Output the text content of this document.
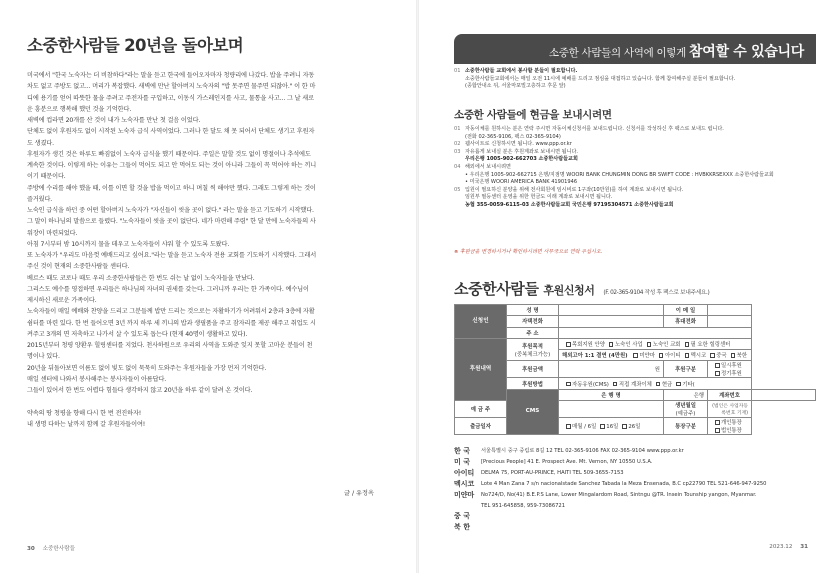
소중한사람들 20년을 돌아보며

미국에서 "한국 노숙자는 더 비참하다"라는 말을 듣고 한국에 들어오자마자 청량리에 나갔다. 밥을 주려니 자동

차도 없고 주방도 없고... 머리가 복잡했다. 새벽에 만난 할아버지 노숙자의 "밥 못주면 물주면 되잖아." 이 한 마

디에 용기를 얻어 따뜻한 물을 주려고 주전자를 구입하고, 이동식 가스레인지를 사고, 물통을 사고... 그 날 새로

운 흥분으로 행복해 했던 것을 기억한다.

새벽에 컵라면 20개를 산 것이 내가 노숙자를 만난 첫 걸음 이었다.

단체도 없이 후원자도 없이 시작된 노숙자 급식 사역이었다. 그러나 한 달도 채 못 되어서 단체도 생기고 후원자

도 생겼다.

후원자가 생긴 것은 하루도 빠짐없이 노숙자 급식을 했기 때문이다. 주일은 말할 것도 없이 명절이나 추석에도

계속한 것이다. 이렇게 하는 이유는 그들이 먹어도 되고 안 먹어도 되는 것이 아니라 그들이 꼭 먹어야 하는 끼니

이기 때문이다.

주방에 수리를 해야 했을 때, 이틀 이면 할 것을 밥을 먹이고 하니 며칠 씩 해야만 했다. 그래도 그렇게 하는 것이

즐거웠다.

노숙인 급식을 하던 중 어떤 할아버지 노숙자가 "자신들이 씻을 곳이 없다." 라는 말을 듣고 기도하기 시작했다.

그 말이 하나님의 말씀으로 들렸다. "노숙자들이 씻을 곳이 없단다. 네가 마련해 주렴" 한 달 만에 노숙자들의 사

워장이 마련되었다.

아침 7시부터 밤 10시까지 물을 데우고 노숙자들이 샤워 할 수 있도록 도왔다.

또 노숙자가 "우리도 마음껏 예배드리고 싶어요."라는 말을 듣고 노숙자 전용 교회를 기도하기 시작했다. 그래서

주신 것이 현재의 소중한사람들 센터다.

베르스 때도 코로나 때도 우리 소중한사람들은 한 번도 쉬는 날 없이 노숙자들을 만났다.

그리스도 예수를 영접하면 우리들은 하나님의 자녀의 권세를 갖는다. 그러니까 우리는 한 가족이다. 예수님이

제시하신 새로운 가족이다.

노숙자들이 매일 예배와 찬양을 드리고 그분들께 밥만 드리는 것으로는 자활하기가 어려워서 2층과 3층에 자활

쉼터를 마련 있다. 한 번 들어오면 3년 까지 하루 세 끼니의 밥과 생필품을 주고 잠자리를 제공 해주고 취업도 시

켜주고 3개의 면 저축하고 나가서 살 수 있도록 돕는다 (현재 40명이 생활하고 있다).

2015년부터 청평 양환우 힐링센터를 지었다. 천사하원으로 우리의 사역을 도와준 잊지 못할 고마운 분들이 천

명이나 있다.

20년을 뒤돌아보면 이름도 없이 빛도 없이 묵묵히 도와주는 후원자들을 가장 먼저 기억한다.

매일 센터에 나와서 봉사해주는 봉사자들이 아름답다.

그들이 있어서 한 번도 어렵다 힘들다 생각하지 않고 20년을 하루 같이 달려 온 것이다.

약속의 땅 청평을 향해 다시 한 번 전진하자!

내 생명 다하는 날까지 함께 갈 후원자들이여!

글 / 유정옥
30 소중한사람들
소중한 사람들의 사역에 이렇게 참여할 수 있습니다
01 소중한사람들 교회에서 봉사할 분들이 필요합니다.
소중한사람들교회에서는 매일 오전 11시에 예배를 드리고 점심을 대접하고 있습니다. 함께 참여해주실 분들이 필요합니다.
(종합안내소 뒤, 서울마포빌고층하고 후문 앞)
소중한 사람들에 현금을 보내시려면
01 자동이체를 원하시는 분은 연락 주시면 자동이체신청서를 보내드립니다. 신청서를 작성하신 후 팩스로 보내드 립니다.
(전화 02-365-9106, 팩스 02-365-9104)
02 웹사이트로 신청하시면 됩니다. www.ppp.or.kr
03 자유롭게 보내실 분은 후원계좌로 보내시면 됩니다.
우리은행 1005-902-662703 소중한사람들교회
04 해외에서 보내시려면
• 우리은행 1005-902-662715 은행/지점명 WOORI BANK CHUNGMIN DONG BR SWIFT CODE : HVBKKRSEXXX 소중한사람들교회
• 미국은행 WOORI AMERICA BANK 41901946
05 입원이 필요하신 분양을 위해 전사회원에 임시비로 1구좌(10만원)를 하여 계좌로 보내시면 됩니다.
임원부 필등센터 운영을 위한 헌금도 이래 계좌로 보내시면 됩니다.
농협 355-0059-6115-03 소중한사람들교회 국민은행 97195304571 소중한사람들교회
※ 후원금을 변경하시거나 확인하시려면 사무국으로 연락 주십시오.
소중한사람들 후원신청서 (F. 02-365-9104 작성 후 팩스로 보내주세요.)
신청인	성 명		이 메 일		
	자택전화		휴대전화		
	주 소				
후원내역	후원목적
(중복체크가능)	목회지원 안양 노숙인 사업 노숙인 교회 필 요한 힐링센터			
		해외고아 1:1 결연 (4만원) 미얀마 아이티 멕시코 중국 북한			
	후원금액	원	후원구분	일시후원정기후원	
	후원방법	자동유원(CMS) 직접 계좌이체 현금 기타(			
	CMS	은 행 명	은행	계좌번호	
예 금 주			생년월일
(예금주)	(법인은 사업자등록번호 기재)	
출금일자		매월 / 6일 16일 26일	통장구분	개인통장법인통장	
한 국	서울특별시 중구 중림로 8길 12 TEL 02-365-9106 FAX 02-365-9104 www.ppp.or.kr
미 국	[Precious People] 41 E. Prospect Ave. Mt. Vernon, NY 10550 U.S.A.
아이티	DELMA 75, PORT-AU-PRINCE, HAITI TEL 509-3655-7153
멕시코	Lote 4 Man Zana 7 s/n nacionalstade Sanchez Tabada la Meza Ensenada, B.C cp22790 TEL 521-646-947-9250
미얀마	No724/D, No(41) B.E.P.S Lane, Lower Mingalardom Road, Sintngu @TR. Insein Tounship yangon, Myanmar.
TEL 951-645858, 959-73086721
중 국
북 한
2023.12 31
